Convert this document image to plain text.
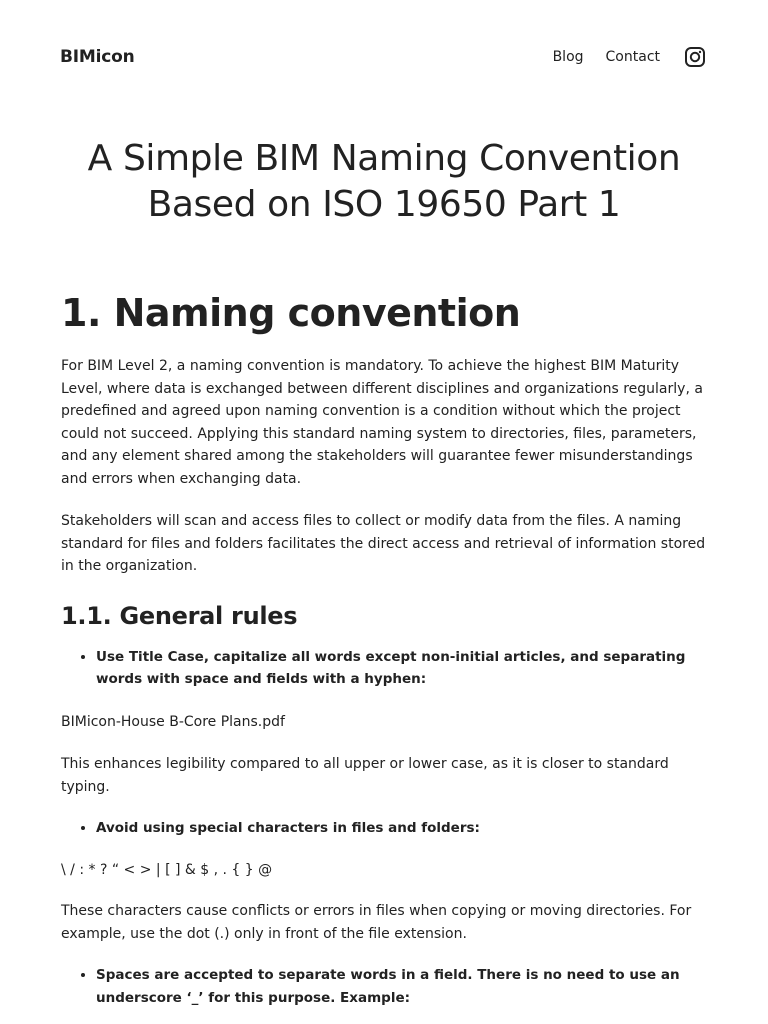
BIMicon	Blog Contact
A Simple BIM Naming Convention Based on ISO 19650 Part 1
1. Naming convention

For BIM Level 2, a naming convention is mandatory. To achieve the highest BIM Maturity Level, where data is exchanged between different disciplines and organizations regularly, a predefined and agreed upon naming convention is a condition without which the project could not succeed. Applying this standard naming system to directories, files, parameters, and any element shared among the stakeholders will guarantee fewer misunderstandings and errors when exchanging data.

Stakeholders will scan and access files to collect or modify data from the files. A naming standard for files and folders facilitates the direct access and retrieval of information stored in the organization.

1.1. General rules
• Use Title Case, capitalize all words except non-initial articles, and separating words with space and fields with a hyphen:

BIMicon-House B-Core Plans.pdf

This enhances legibility compared to all upper or lower case, as it is closer to standard typing.

• Avoid using special characters in files and folders:

\ / : * ? “ < > | [ ] & $ , . { } @

These characters cause conflicts or errors in files when copying or moving directories. For example, use the dot (.) only in front of the file extension.

• Spaces are accepted to separate words in a field. There is no need to use an underscore ‘_’ for this purpose. Example:
